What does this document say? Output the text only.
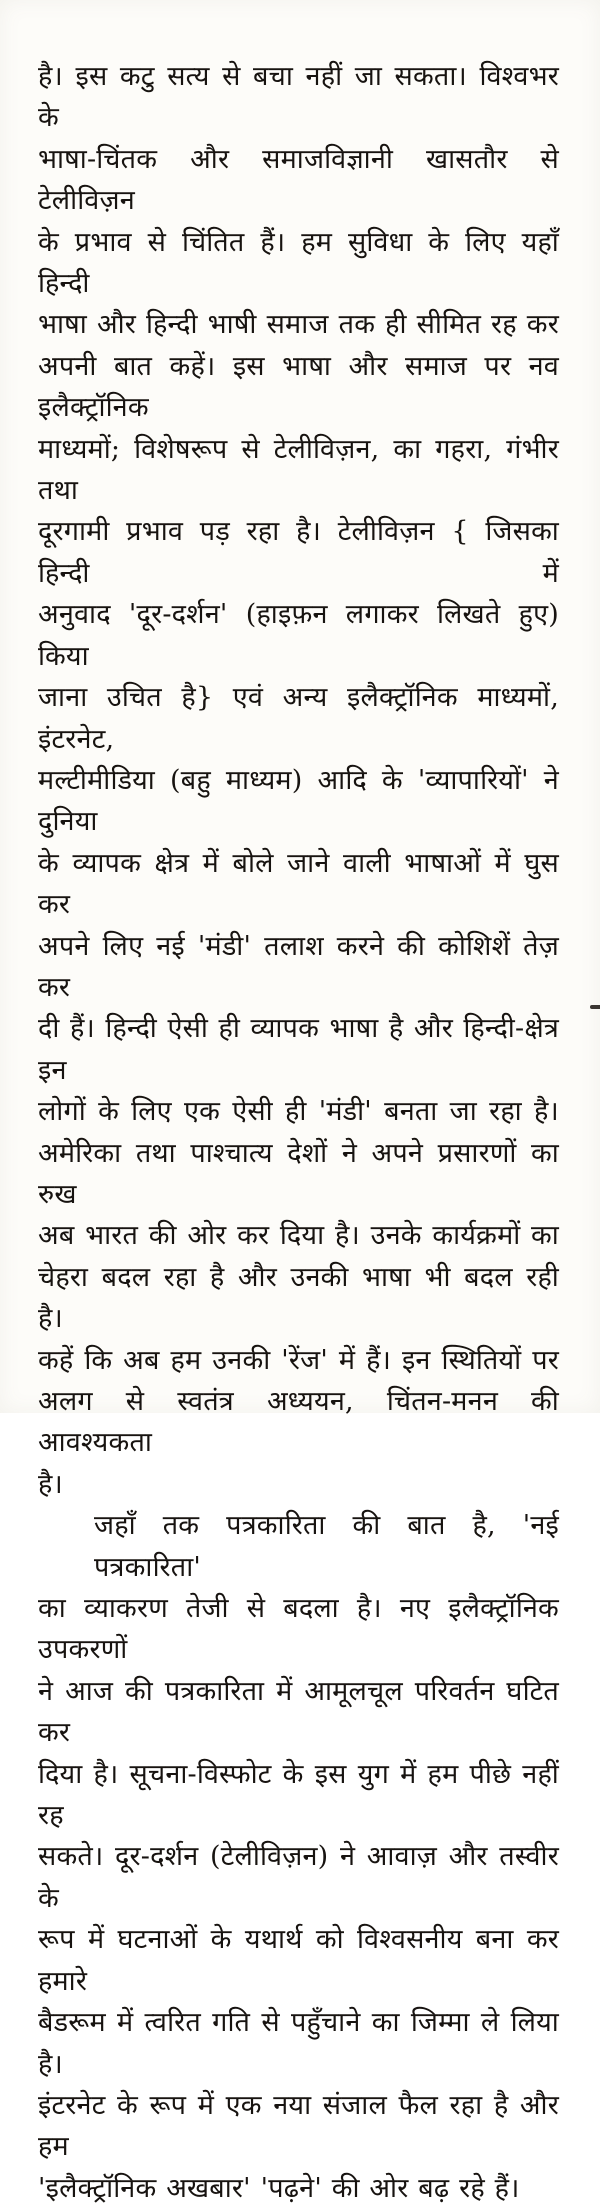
है। इस कटु सत्य से बचा नहीं जा सकता। विश्वभर के
भाषा-चिंतक और समाजविज्ञानी खासतौर से टेलीविज़न
के प्रभाव से चिंतित हैं। हम सुविधा के लिए यहाँ हिन्दी
भाषा और हिन्दी भाषी समाज तक ही सीमित रह कर
अपनी बात कहें। इस भाषा और समाज पर नव इलैक्ट्रॉनिक
माध्यमों; विशेषरूप से टेलीविज़न, का गहरा, गंभीर तथा
दूरगामी प्रभाव पड़ रहा है। टेलीविज़न { जिसका हिन्दी में
अनुवाद 'दूर-दर्शन' (हाइफ़न लगाकर लिखते हुए) किया
जाना उचित है} एवं अन्य इलैक्ट्रॉनिक माध्यमों, इंटरनेट,
मल्टीमीडिया (बहु माध्यम) आदि के 'व्यापारियों' ने दुनिया
के व्यापक क्षेत्र में बोले जाने वाली भाषाओं में घुस कर
अपने लिए नई 'मंडी' तलाश करने की कोशिशें तेज़ कर
दी हैं। हिन्दी ऐसी ही व्यापक भाषा है और हिन्दी-क्षेत्र इन
लोगों के लिए एक ऐसी ही 'मंडी' बनता जा रहा है।
अमेरिका तथा पाश्चात्य देशों ने अपने प्रसारणों का रुख
अब भारत की ओर कर दिया है। उनके कार्यक्रमों का
चेहरा बदल रहा है और उनकी भाषा भी बदल रही है।
कहें कि अब हम उनकी 'रेंज' में हैं। इन स्थितियों पर
अलग से स्वतंत्र अध्ययन, चिंतन-मनन की आवश्यकता
है।
जहाँ तक पत्रकारिता की बात है, 'नई पत्रकारिता'
का व्याकरण तेजी से बदला है। नए इलैक्ट्रॉनिक उपकरणों
ने आज की पत्रकारिता में आमूलचूल परिवर्तन घटित कर
दिया है। सूचना-विस्फोट के इस युग में हम पीछे नहीं रह
सकते। दूर-दर्शन (टेलीविज़न) ने आवाज़ और तस्वीर के
रूप में घटनाओं के यथार्थ को विश्वसनीय बना कर हमारे
बैडरूम में त्वरित गति से पहुँचाने का जिम्मा ले लिया है।
इंटरनेट के रूप में एक नया संजाल फैल रहा है और हम
'इलैक्ट्रॉनिक अखबार' 'पढ़ने' की ओर बढ़ रहे हैं।
